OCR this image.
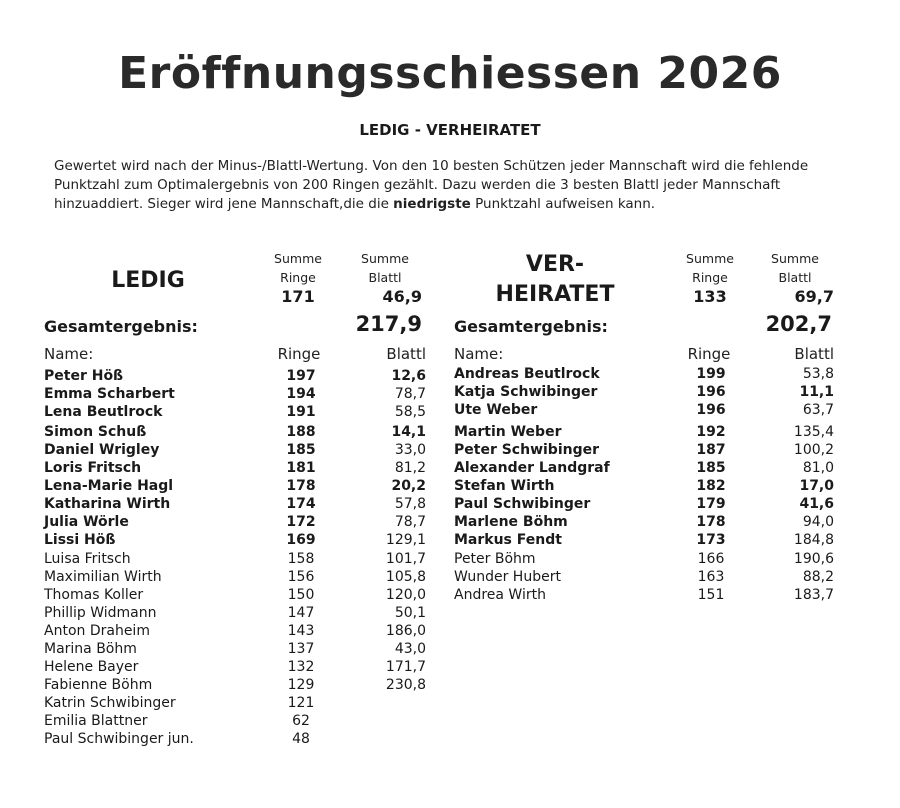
Eröffnungsschiessen 2026
LEDIG - VERHEIRATET
Gewertet wird nach der Minus-/Blattl-Wertung. Von den 10 besten Schützen jeder Mannschaft wird die fehlende Punktzahl zum Optimalergebnis von 200 Ringen gezählt. Dazu werden die 3 besten Blattl jeder Mannschaft hinzuaddiert. Sieger wird jene Mannschaft,die die niedrigste Punktzahl aufweisen kann.
LEDIG
Summe
Ringe
Summe
Blattl
171	46,9
Gesamtergebnis:	217,9
Name:	Ringe	Blattl
Peter Höß	197	12,6
Emma Scharbert	194	78,7
Lena Beutlrock	191	58,5
Simon Schuß	188	14,1
Daniel Wrigley	185	33,0
Loris Fritsch	181	81,2
Lena-Marie Hagl	178	20,2
Katharina Wirth	174	57,8
Julia Wörle	172	78,7
Lissi Höß	169	129,1
Luisa Fritsch	158	101,7
Maximilian Wirth	156	105,8
Thomas Koller	150	120,0
Phillip Widmann	147	50,1
Anton Draheim	143	186,0
Marina Böhm	137	43,0
Helene Bayer	132	171,7
Fabienne Böhm	129	230,8
Katrin Schwibinger	121
Emilia Blattner	62
Paul Schwibinger jun.	48
VER-
HEIRATET
Summe
Ringe
Summe
Blattl
133	69,7
Gesamtergebnis:	202,7
Name:	Ringe	Blattl
Andreas Beutlrock	199	53,8
Katja Schwibinger	196	11,1
Ute Weber	196	63,7
Martin Weber	192	135,4
Peter Schwibinger	187	100,2
Alexander Landgraf	185	81,0
Stefan Wirth	182	17,0
Paul Schwibinger	179	41,6
Marlene Böhm	178	94,0
Markus Fendt	173	184,8
Peter Böhm	166	190,6
Wunder Hubert	163	88,2
Andrea Wirth	151	183,7
